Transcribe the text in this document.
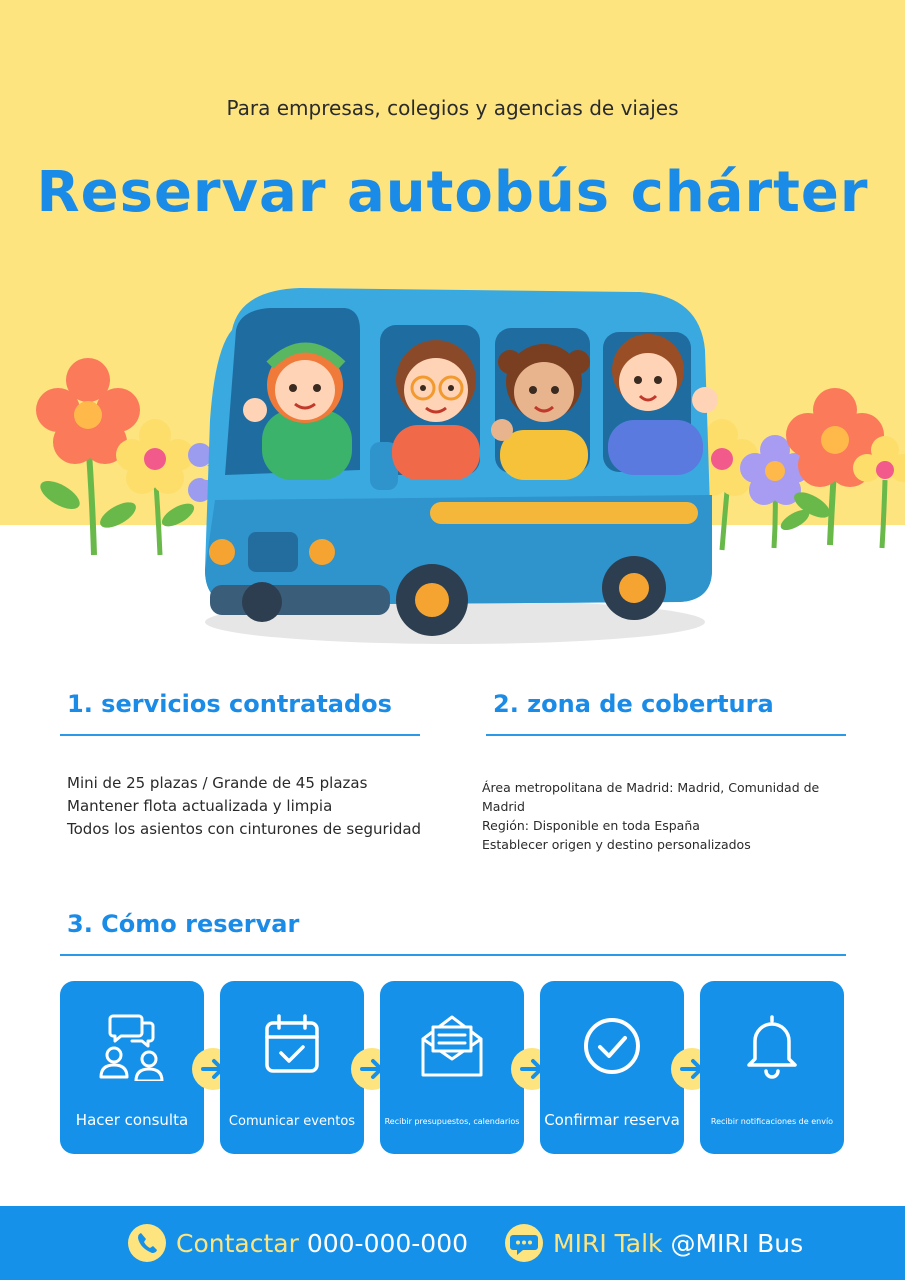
Para empresas, colegios y agencias de viajes
Reservar autobús chárter
1. servicios contratados
Mini de 25 plazas / Grande de 45 plazas
Mantener flota actualizada y limpia
Todos los asientos con cinturones de seguridad
2. zona de cobertura
Área metropolitana de Madrid: Madrid, Comunidad de Madrid
Región: Disponible en toda España
Establecer origen y destino personalizados
3. Cómo reservar
Hacer consulta	Comunicar eventos	Recibir presupuestos, calendarios Confirmar reserva	Recibir notificaciones de envío
Contactar 000-000-000	MIRI Talk @MIRI Bus
